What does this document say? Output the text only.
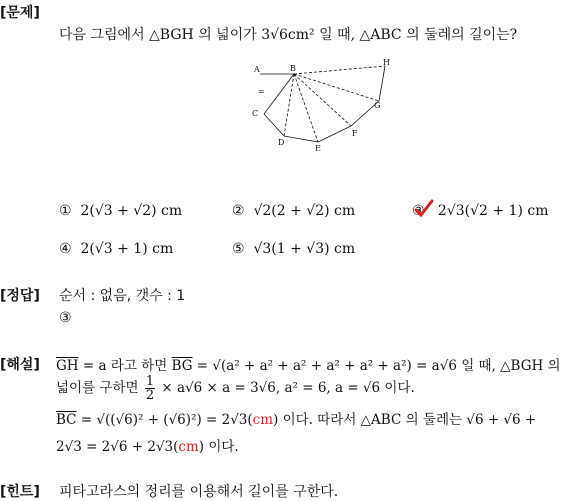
[문제]
다음 그림에서 △BGH 의 넓이가 3√6cm² 일 때, △ABC 의 둘레의 길이는?
A	B
C
D
E
F
G
H
=
① 2(√3 + √2) cm	② √2(2 + √2) cm	③ 2√3(√2 + 1) cm
④ 2(√3 + 1) cm	⑤ √3(1 + √3) cm
[정답] 순서 : 없음, 갯수 : 1
③
[해설] $\overline{GH} = a$ 라고 하면 $\overline{BG} = √(a^2 + a^2 + a^2 + a^2 + a^2 + a^2) = a√6$ 일 때, △BGH 의
넓이를 구하면 $\frac{1}{2} \times a√6 \times a = 3√6$, a² = 6, a = √6 이다.
$\overline{BC} = √((√6)^2 + (√6)^2) = 2√3(cm)$ 이다. 따라서 △ABC 의 둘레는 √6 + √6 +
2√3 = 2√6 + 2√3(cm) 이다.
[힌트] 피타고라스의 정리를 이용해서 길이를 구한다.
